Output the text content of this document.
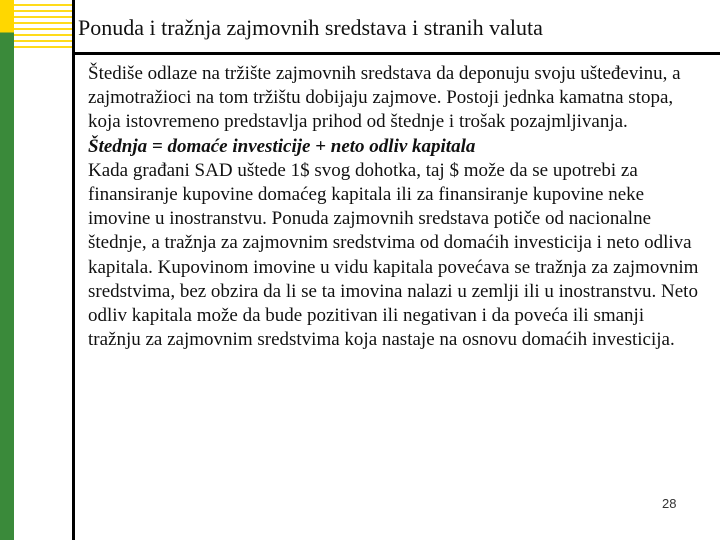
Ponuda i tražnja zajmovnih sredstava i stranih valuta

Štediše odlaze na tržište zajmovnih sredstava da deponuju svoju ušteđevinu, a zajmotražioci na tom tržištu dobijaju zajmove. Postoji jednka kamatna stopa, koja istovremeno predstavlja prihod od štednje i trošak pozajmljivanja.

Štednja = domaće investicije + neto odliv kapitala

Kada građani SAD uštede 1$ svog dohotka, taj $ može da se upotrebi za finansiranje kupovine domaćeg kapitala ili za finansiranje kupovine neke imovine u inostranstvu. Ponuda zajmovnih sredstava potiče od nacionalne štednje, a tražnja za zajmovnim sredstvima od domaćih investicija i neto odliva kapitala. Kupovinom imovine u vidu kapitala povećava se tražnja za zajmovnim sredstvima, bez obzira da li se ta imovina nalazi u zemlji ili u inostranstvu. Neto odliv kapitala može da bude pozitivan ili negativan i da poveća ili smanji tražnju za zajmovnim sredstvima koja nastaje na osnovu domaćih investicija.

28
